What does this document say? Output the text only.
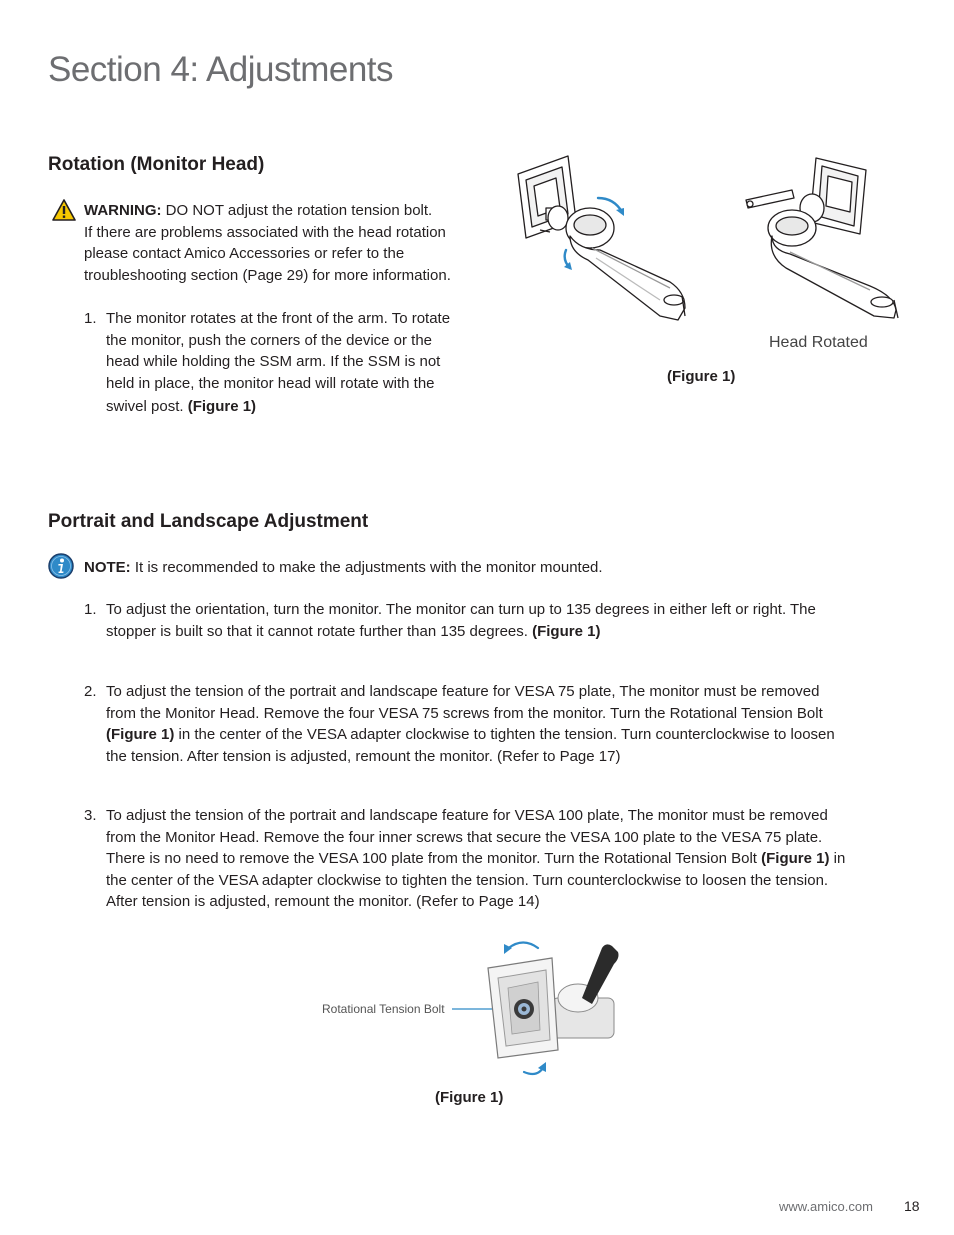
Section 4: Adjustments
Rotation (Monitor Head)
WARNING: DO NOT adjust the rotation tension bolt.
If there are problems associated with the head rotation
please contact Amico Accessories or refer to the
troubleshooting section (Page 29) for more information.
1. The monitor rotates at the front of the arm. To rotate
the monitor, push the corners of the device or the
head while holding the SSM arm. If the SSM is not
held in place, the monitor head will rotate with the
swivel post. (Figure 1)
Head Rotated
(Figure 1)
Portrait and Landscape Adjustment
NOTE: It is recommended to make the adjustments with the monitor mounted.
1. To adjust the orientation, turn the monitor. The monitor can turn up to 135 degrees in either left or right. The
stopper is built so that it cannot rotate further than 135 degrees. (Figure 1)
2. To adjust the tension of the portrait and landscape feature for VESA 75 plate, The monitor must be removed
from the Monitor Head. Remove the four VESA 75 screws from the monitor. Turn the Rotational Tension Bolt
(Figure 1) in the center of the VESA adapter clockwise to tighten the tension. Turn counterclockwise to loosen
the tension. After tension is adjusted, remount the monitor. (Refer to Page 17)
3. To adjust the tension of the portrait and landscape feature for VESA 100 plate, The monitor must be removed
from the Monitor Head. Remove the four inner screws that secure the VESA 100 plate to the VESA 75 plate.
There is no need to remove the VESA 100 plate from the monitor. Turn the Rotational Tension Bolt (Figure 1) in
the center of the VESA adapter clockwise to tighten the tension. Turn counterclockwise to loosen the tension.
After tension is adjusted, remount the monitor. (Refer to Page 14)
Rotational Tension Bolt
(Figure 1)
www.amico.com 18
